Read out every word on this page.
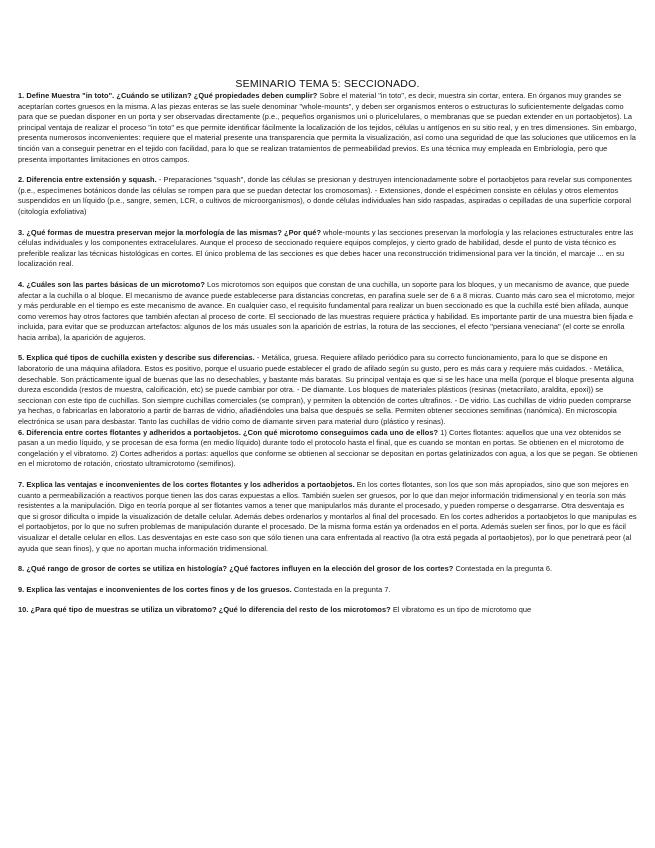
SEMINARIO TEMA 5: SECCIONADO.

1. Define Muestra "in toto". ¿Cuándo se utilizan? ¿Qué propiedades deben cumplir? Sobre el material "in toto", es decir, muestra sin cortar, entera. En órganos muy grandes se aceptarían cortes gruesos en la misma. A las piezas enteras se las suele denominar "whole-mounts", y deben ser organismos enteros o estructuras lo suficientemente delgadas como para que se puedan disponer en un porta y ser observadas directamente (p.e., pequeños organismos uni o pluricelulares, o membranas que se puedan extender en un portaobjetos). La principal ventaja de realizar el proceso "in toto" es que permite identificar fácilmente la localización de los tejidos, células u antígenos en su sitio real, y en tres dimensiones. Sin embargo, presenta numerosos inconvenientes: requiere que el material presente una transparencia que permita la visualización, así como una seguridad de que las soluciones que utilicemos en la tinción van a conseguir penetrar en el tejido con facilidad, para lo que se realizan tratamientos de permeabilidad previos. Es una técnica muy empleada en Embriología, pero que presenta importantes limitaciones en otros campos.

2. Diferencia entre extensión y squash. - Preparaciones "squash", donde las células se presionan y destruyen intencionadamente sobre el portaobjetos para revelar sus componentes (p.e., especímenes botánicos donde las células se rompen para que se puedan detectar los cromosomas). - Extensiones, donde el espécimen consiste en células y otros elementos suspendidos en un líquido (p.e., sangre, semen, LCR, o cultivos de microorganismos), o donde células individuales han sido raspadas, aspiradas o cepilladas de una superficie corporal (citología exfoliativa)

3. ¿Qué formas de muestra preservan mejor la morfología de las mismas? ¿Por qué? whole-mounts y las secciones preservan la morfología y las relaciones estructurales entre las células individuales y los componentes extracelulares. Aunque el proceso de seccionado requiere equipos complejos, y cierto grado de habilidad, desde el punto de vista técnico es preferible realizar las técnicas histológicas en cortes. El único problema de las secciones es que debes hacer una reconstrucción tridimensional para ver la tinción, el marcaje ... en su localización real.

4. ¿Cuáles son las partes básicas de un microtomo? Los microtomos son equipos que constan de una cuchilla, un soporte para los bloques, y un mecanismo de avance, que puede afectar a la cuchilla o al bloque. El mecanismo de avance puede establecerse para distancias concretas, en parafina suele ser de 6 a 8 micras. Cuanto más caro sea el microtomo, mejor y más perdurable en el tiempo es este mecanismo de avance. En cualquier caso, el requisito fundamental para realizar un buen seccionado es que la cuchilla esté bien afilada, aunque como veremos hay otros factores que también afectan al proceso de corte. El seccionado de las muestras requiere práctica y habilidad. Es importante partir de una muestra bien fijada e incluida, para evitar que se produzcan artefactos: algunos de los más usuales son la aparición de estrías, la rotura de las secciones, el efecto "persiana veneciana" (el corte se enrolla hacia arriba), la aparición de agujeros.

5. Explica qué tipos de cuchilla existen y describe sus diferencias. - Metálica, gruesa. Requiere afilado periódico para su correcto funcionamiento, para lo que se dispone en laboratorio de una máquina afiladora. Estos es positivo, porque el usuario puede establecer el grado de afilado según su gusto, pero es más cara y requiere más cuidados. - Metálica, desechable. Son prácticamente igual de buenas que las no desechables, y bastante más baratas. Su principal ventaja es que si se les hace una mella (porque el bloque presenta alguna dureza escondida (restos de muestra, calcificación, etc) se puede cambiar por otra. - De diamante. Los bloques de materiales plásticos (resinas (metacrilato, araldita, epoxi)) se seccionan con este tipo de cuchillas. Son siempre cuchillas comerciales (se compran), y permiten la obtención de cortes ultrafinos. - De vidrio. Las cuchillas de vidrio pueden comprarse ya hechas, o fabricarlas en laboratorio a partir de barras de vidrio, añadiéndoles una balsa que después se sella. Permiten obtener secciones semifinas (nanómica). En microscopia electrónica se usan para desbastar. Tanto las cuchillas de vidrio como de diamante sirven para material duro (plástico y resinas).

6. Diferencia entre cortes flotantes y adheridos a portaobjetos. ¿Con qué microtomo conseguimos cada uno de ellos? 1) Cortes flotantes: aquellos que una vez obtenidos se pasan a un medio líquido, y se procesan de esa forma (en medio líquido) durante todo el protocolo hasta el final, que es cuando se montan en portas. Se obtienen en el microtomo de congelación y el vibratomo. 2) Cortes adheridos a portas: aquellos que conforme se obtienen al seccionar se depositan en portas gelatinizados con agua, a los que se pegan. Se obtienen en el microtomo de rotación, criostato ultramicrotomo (semifinos).

7. Explica las ventajas e inconvenientes de los cortes flotantes y los adheridos a portaobjetos. En los cortes flotantes, son los que son más apropiados, sino que son mejores en cuanto a permeabilización a reactivos porque tienen las dos caras expuestas a ellos. También suelen ser gruesos, por lo que dan mejor información tridimensional y en teoría son más resistentes a la manipulación. Digo en teoría porque al ser flotantes vamos a tener que manipularlos más durante el procesado, y pueden romperse o desgarrarse. Otra desventaja es que si grosor dificulta o impide la visualización de detalle celular. Además debes ordenarlos y montarlos al final del procesado. En los cortes adheridos a portaobjetos lo que manipulas es el portaobjetos, por lo que no sufren problemas de manipulación durante el procesado. De la misma forma están ya ordenados en el porta. Además suelen ser finos, por lo que es fácil visualizar el detalle celular en ellos. Las desventajas en este caso son que sólo tienen una cara enfrentada al reactivo (la otra está pegada al portaobjetos), por lo que penetrará peor (al ayuda que sean finos), y que no aportan mucha información tridimensional.

8. ¿Qué rango de grosor de cortes se utiliza en histología? ¿Qué factores influyen en la elección del grosor de los cortes? Contestada en la pregunta 6.

9. Explica las ventajas e inconvenientes de los cortes finos y de los gruesos. Contestada en la pregunta 7.

10. ¿Para qué tipo de muestras se utiliza un vibratomo? ¿Qué lo diferencia del resto de los microtomos? El vibratomo es un tipo de microtomo que
